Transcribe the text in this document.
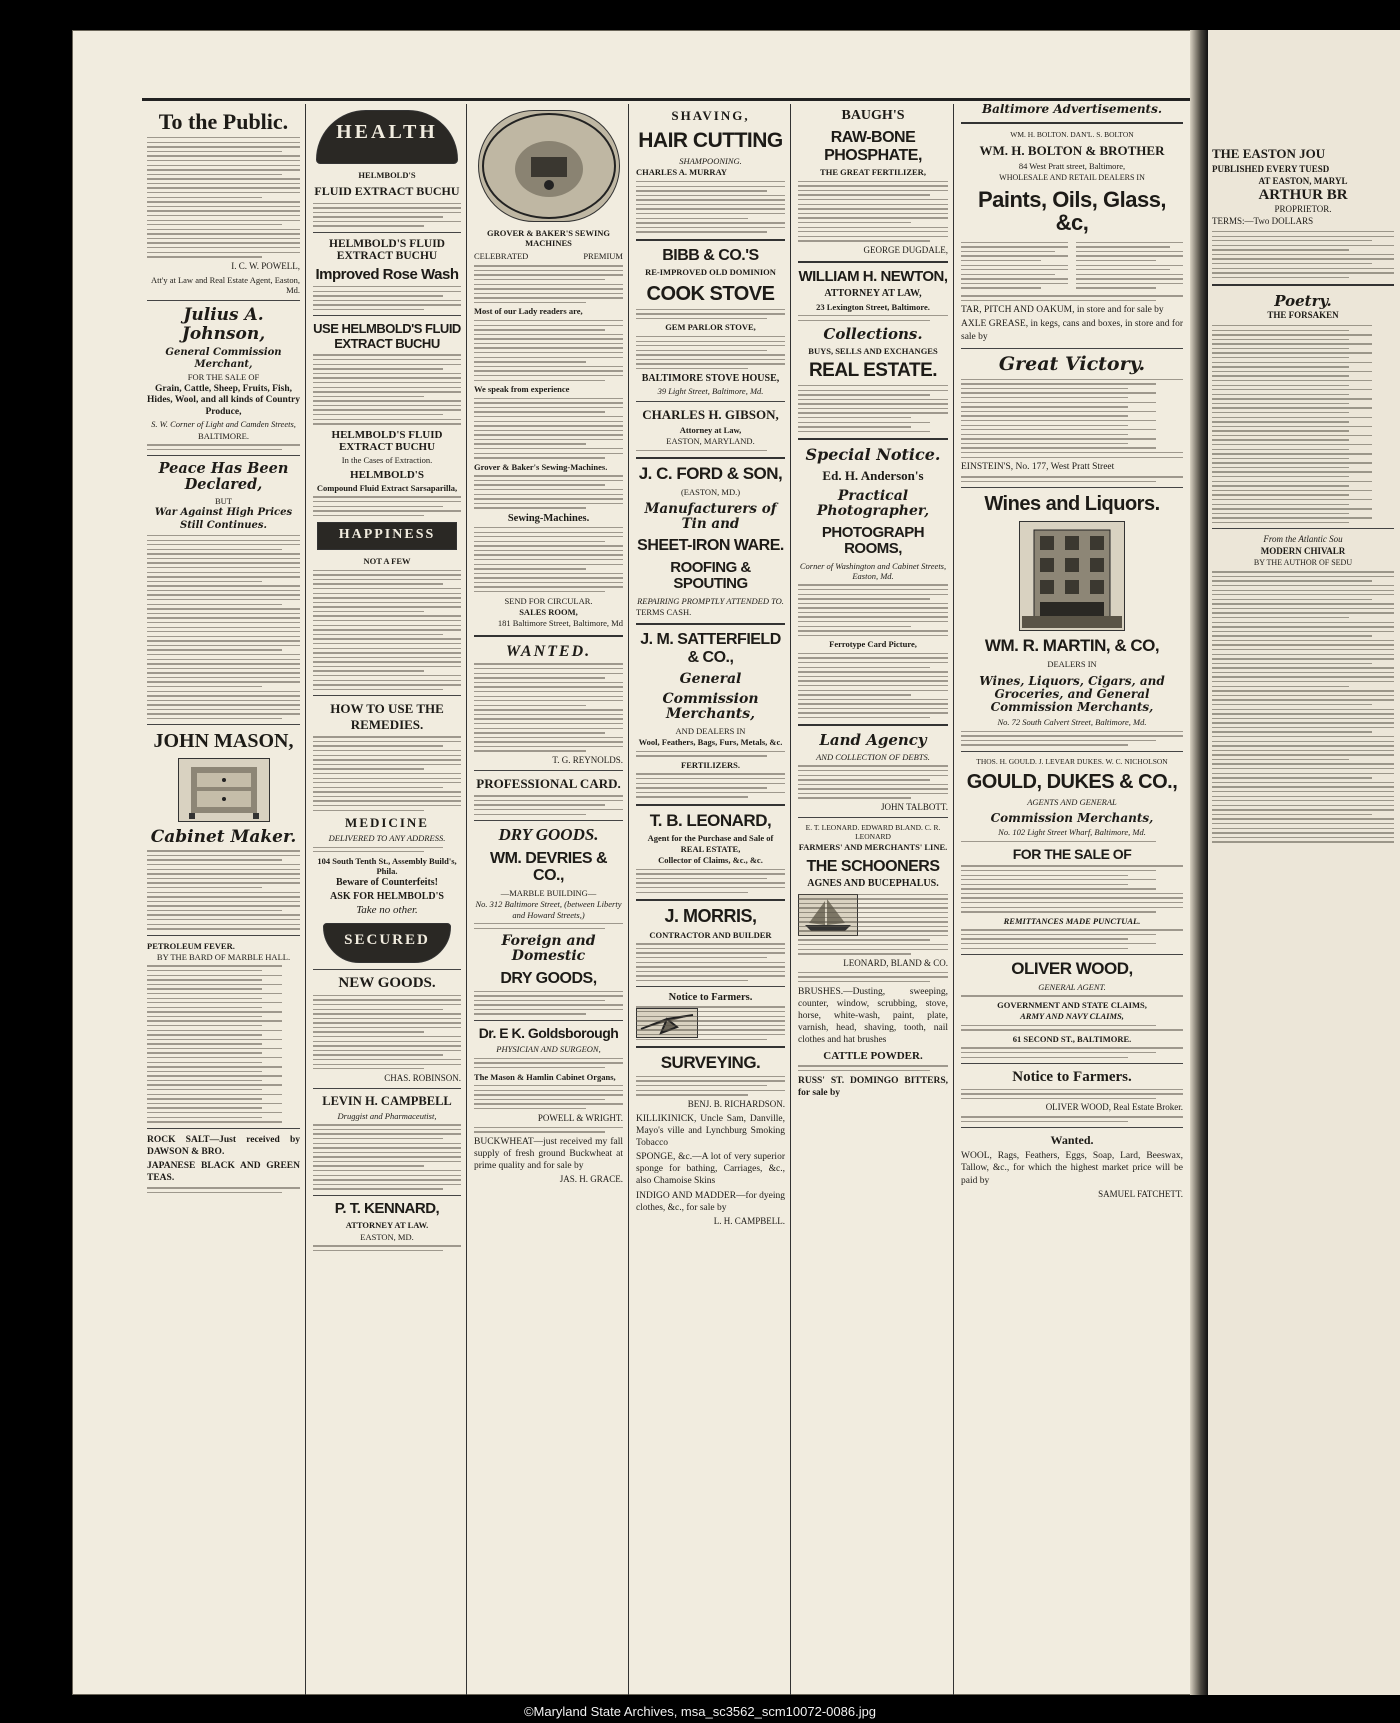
THE EASTON JOU
PUBLISHED EVERY TUESD
AT EASTON, MARYL
ARTHUR BR
PROPRIETOR.
TERMS:—Two DOLLARS
Poetry.
THE FORSAKEN
From the Atlantic Sou
MODERN CHIVALR
BY THE AUTHOR OF SEDU
To the Public.
I. C. W. POWELL,
Att'y at Law and Real Estate Agent, Easton, Md.
Julius A. Johnson,
General Commission Merchant,
FOR THE SALE OF
Grain, Cattle, Sheep, Fruits, Fish, Hides, Wool, and all kinds of Country Produce,
S. W. Corner of Light and Camden Streets,
BALTIMORE.
Peace Has Been Declared,
BUT
War Against High Prices Still Continues.
JOHN MASON,
Cabinet Maker.
PETROLEUM FEVER.
BY THE BARD OF MARBLE HALL.
ROCK SALT—Just received by DAWSON & BRO.
JAPANESE BLACK AND GREEN TEAS.
HEALTH
HELMBOLD'S
FLUID EXTRACT BUCHU
HELMBOLD'S FLUID EXTRACT BUCHU
Improved Rose Wash
USE HELMBOLD'S FLUID EXTRACT BUCHU
HELMBOLD'S FLUID EXTRACT BUCHU
In the Cases of Extraction.
HELMBOLD'S
Compound Fluid Extract Sarsaparilla,
HAPPINESS
NOT A FEW
HOW TO USE THE REMEDIES.
MEDICINE
DELIVERED TO ANY ADDRESS.
104 South Tenth St., Assembly Build's, Phila.
Beware of Counterfeits!
ASK FOR HELMBOLD'S
Take no other.
SECURED
NEW GOODS.
CHAS. ROBINSON.
LEVIN H. CAMPBELL
Druggist and Pharmaceutist,
P. T. KENNARD,
ATTORNEY AT LAW.
EASTON, MD.
GROVER & BAKER'S SEWING MACHINES
CELEBRATED	PREMIUM
Most of our Lady readers are,
We speak from experience
Grover & Baker's Sewing-Machines.
Sewing-Machines.
SEND FOR CIRCULAR.
SALES ROOM,
181 Baltimore Street, Baltimore, Md
WANTED.
T. G. REYNOLDS.
PROFESSIONAL CARD.
DRY GOODS.
WM. DEVRIES & CO.,
—MARBLE BUILDING—
No. 312 Baltimore Street, (between Liberty and Howard Streets,)
Foreign and Domestic
DRY GOODS,
Dr. E K. Goldsborough
PHYSICIAN AND SURGEON,
The Mason & Hamlin Cabinet Organs,
POWELL & WRIGHT.
BUCKWHEAT—just received my fall supply of fresh ground Buckwheat at prime quality and for sale by
JAS. H. GRACE.
SHAVING,
HAIR CUTTING
SHAMPOONING.
CHARLES A. MURRAY
BIBB & CO.'S
RE-IMPROVED OLD DOMINION
COOK STOVE
GEM PARLOR STOVE,
BALTIMORE STOVE HOUSE,
39 Light Street, Baltimore, Md.
CHARLES H. GIBSON,
Attorney at Law,
EASTON, MARYLAND.
J. C. FORD & SON,
(EASTON, MD.)
Manufacturers of Tin and
SHEET-IRON WARE.
ROOFING & SPOUTING
REPAIRING PROMPTLY ATTENDED TO.
TERMS CASH.
J. M. SATTERFIELD & CO.,
General
Commission Merchants,
AND DEALERS IN
Wool, Feathers, Bags, Furs, Metals, &c.
FERTILIZERS.
T. B. LEONARD,
Agent for the Purchase and Sale of REAL ESTATE,
Collector of Claims, &c., &c.
J. MORRIS,
CONTRACTOR AND BUILDER
Notice to Farmers.
SURVEYING.
BENJ. B. RICHARDSON.
KILLIKINICK, Uncle Sam, Danville, Mayo's ville and Lynchburg Smoking Tobacco
SPONGE, &c.—A lot of very superior sponge for bathing, Carriages, &c., also Chamoise Skins
INDIGO AND MADDER—for dyeing clothes, &c., for sale by
L. H. CAMPBELL.
BAUGH'S
RAW-BONE PHOSPHATE,
THE GREAT FERTILIZER,
GEORGE DUGDALE,
WILLIAM H. NEWTON,
ATTORNEY AT LAW,
23 Lexington Street, Baltimore.
Collections.
BUYS, SELLS AND EXCHANGES
REAL ESTATE.
Special Notice.
Ed. H. Anderson's
Practical Photographer,
PHOTOGRAPH ROOMS,
Corner of Washington and Cabinet Streets, Easton, Md.
Ferrotype Card Picture,
Land Agency
AND COLLECTION OF DEBTS.
JOHN TALBOTT.
E. T. LEONARD. EDWARD BLAND. C. R. LEONARD
FARMERS' AND MERCHANTS' LINE.
THE SCHOONERS
AGNES AND BUCEPHALUS.
LEONARD, BLAND & CO.
BRUSHES.—Dusting, sweeping, counter, window, scrubbing, stove, horse, white-wash, paint, plate, varnish, head, shaving, tooth, nail clothes and hat brushes
CATTLE POWDER.
RUSS' ST. DOMINGO BITTERS, for sale by
Baltimore Advertisements.
WM. H. BOLTON. DAN'L. S. BOLTON
WM. H. BOLTON & BROTHER
84 West Pratt street, Baltimore,
WHOLESALE AND RETAIL DEALERS IN
Paints, Oils, Glass, &c,
TAR, PITCH AND OAKUM, in store and for sale by
AXLE GREASE, in kegs, cans and boxes, in store and for sale by
Great Victory.
EINSTEIN'S, No. 177, West Pratt Street
Wines and Liquors.
WM. R. MARTIN, & CO,
DEALERS IN
Wines, Liquors, Cigars, and Groceries, and General Commission Merchants,
No. 72 South Calvert Street, Baltimore, Md.
THOS. H. GOULD. J. LEVEAR DUKES. W. C. NICHOLSON
GOULD, DUKES & CO.,
AGENTS AND GENERAL
Commission Merchants,
No. 102 Light Street Wharf, Baltimore, Md.
FOR THE SALE OF
REMITTANCES MADE PUNCTUAL.
OLIVER WOOD,
GENERAL AGENT.
GOVERNMENT AND STATE CLAIMS,
ARMY AND NAVY CLAIMS,
61 SECOND ST., BALTIMORE.
Notice to Farmers.
OLIVER WOOD, Real Estate Broker.
Wanted.
WOOL, Rags, Feathers, Eggs, Soap, Lard, Beeswax, Tallow, &c., for which the highest market price will be paid by
SAMUEL FATCHETT.
©Maryland State Archives, msa_sc3562_scm10072-0086.jpg
